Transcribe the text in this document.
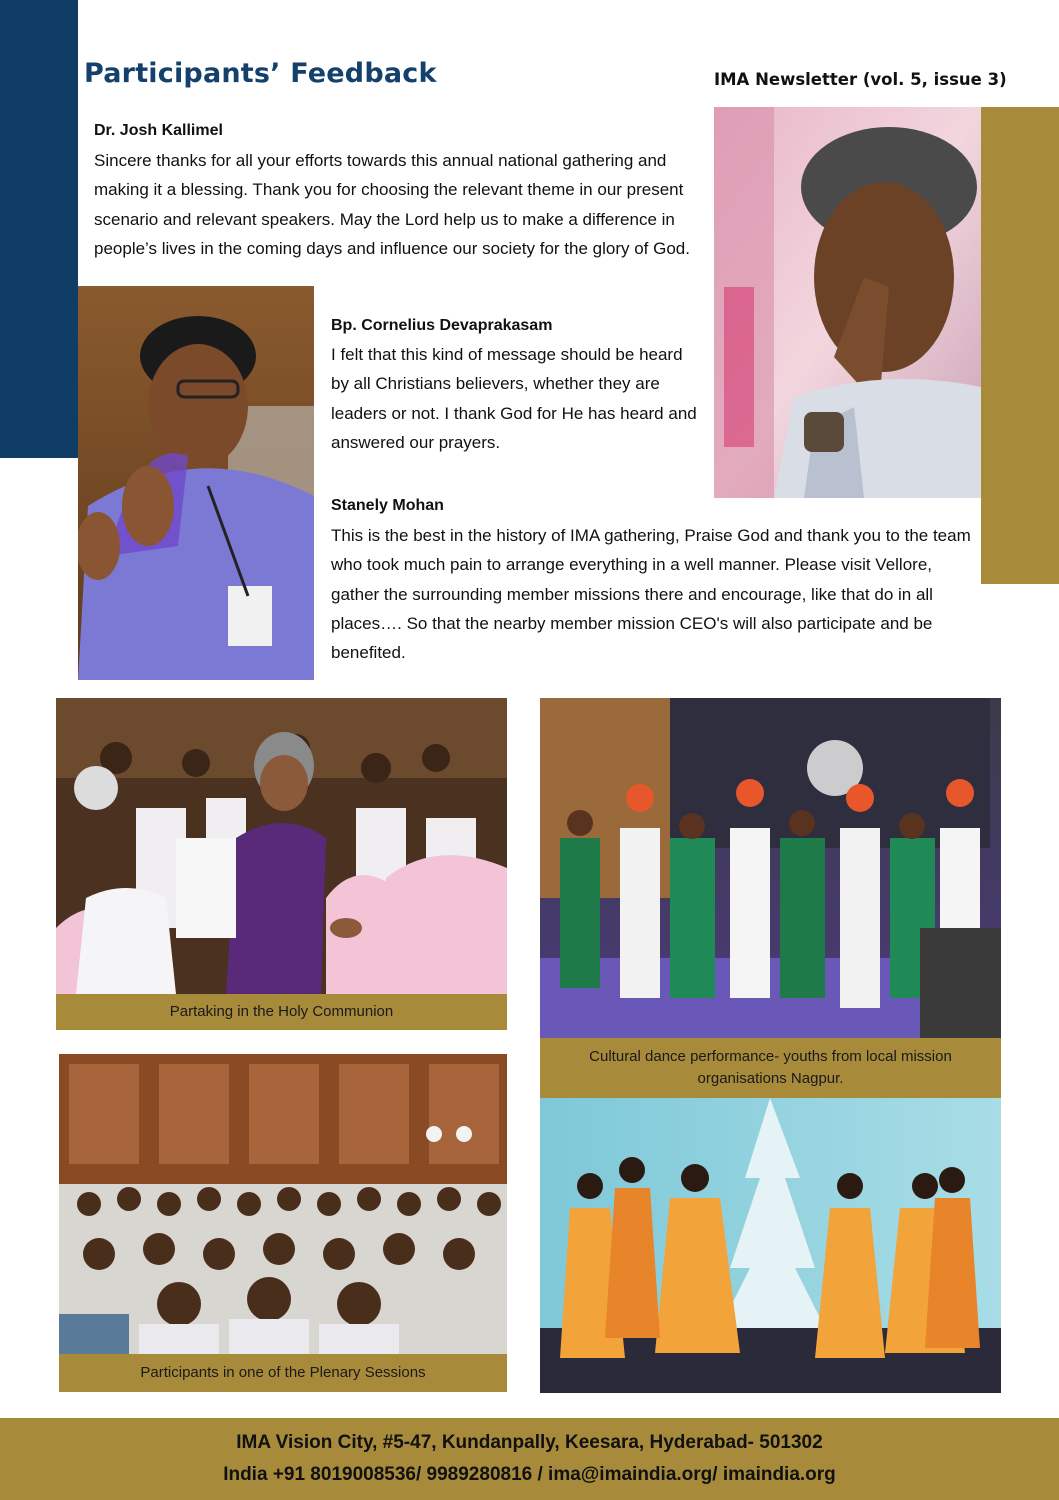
Participants’ Feedback	IMA Newsletter (vol. 5, issue 3)
Dr. Josh Kallimel
Sincere thanks for all your efforts towards this annual national gathering and making it a blessing. Thank you for choosing the relevant theme in our present scenario and relevant speakers. May the Lord help us to make a difference in people’s lives in the coming days and influence our society for the glory of God.
Bp. Cornelius Devaprakasam
I felt that this kind of message should be heard by all Christians believers, whether they are leaders or not. I thank God for He has heard and answered our prayers.
Stanely Mohan
This is the best in the history of IMA gathering, Praise God and thank you to the team who took much pain to arrange everything in a well manner. Please visit Vellore, gather the surrounding member missions there and encourage, like that do in all places…. So that the nearby member mission CEO's will also participate and be benefited.
Partaking in the Holy Communion
Cultural dance performance- youths from local mission organisations Nagpur.
Participants in one of the Plenary Sessions
IMA Vision City, #5-47, Kundanpally, Keesara, Hyderabad- 501302
India +91 8019008536/ 9989280816 / ima@imaindia.org/ imaindia.org
